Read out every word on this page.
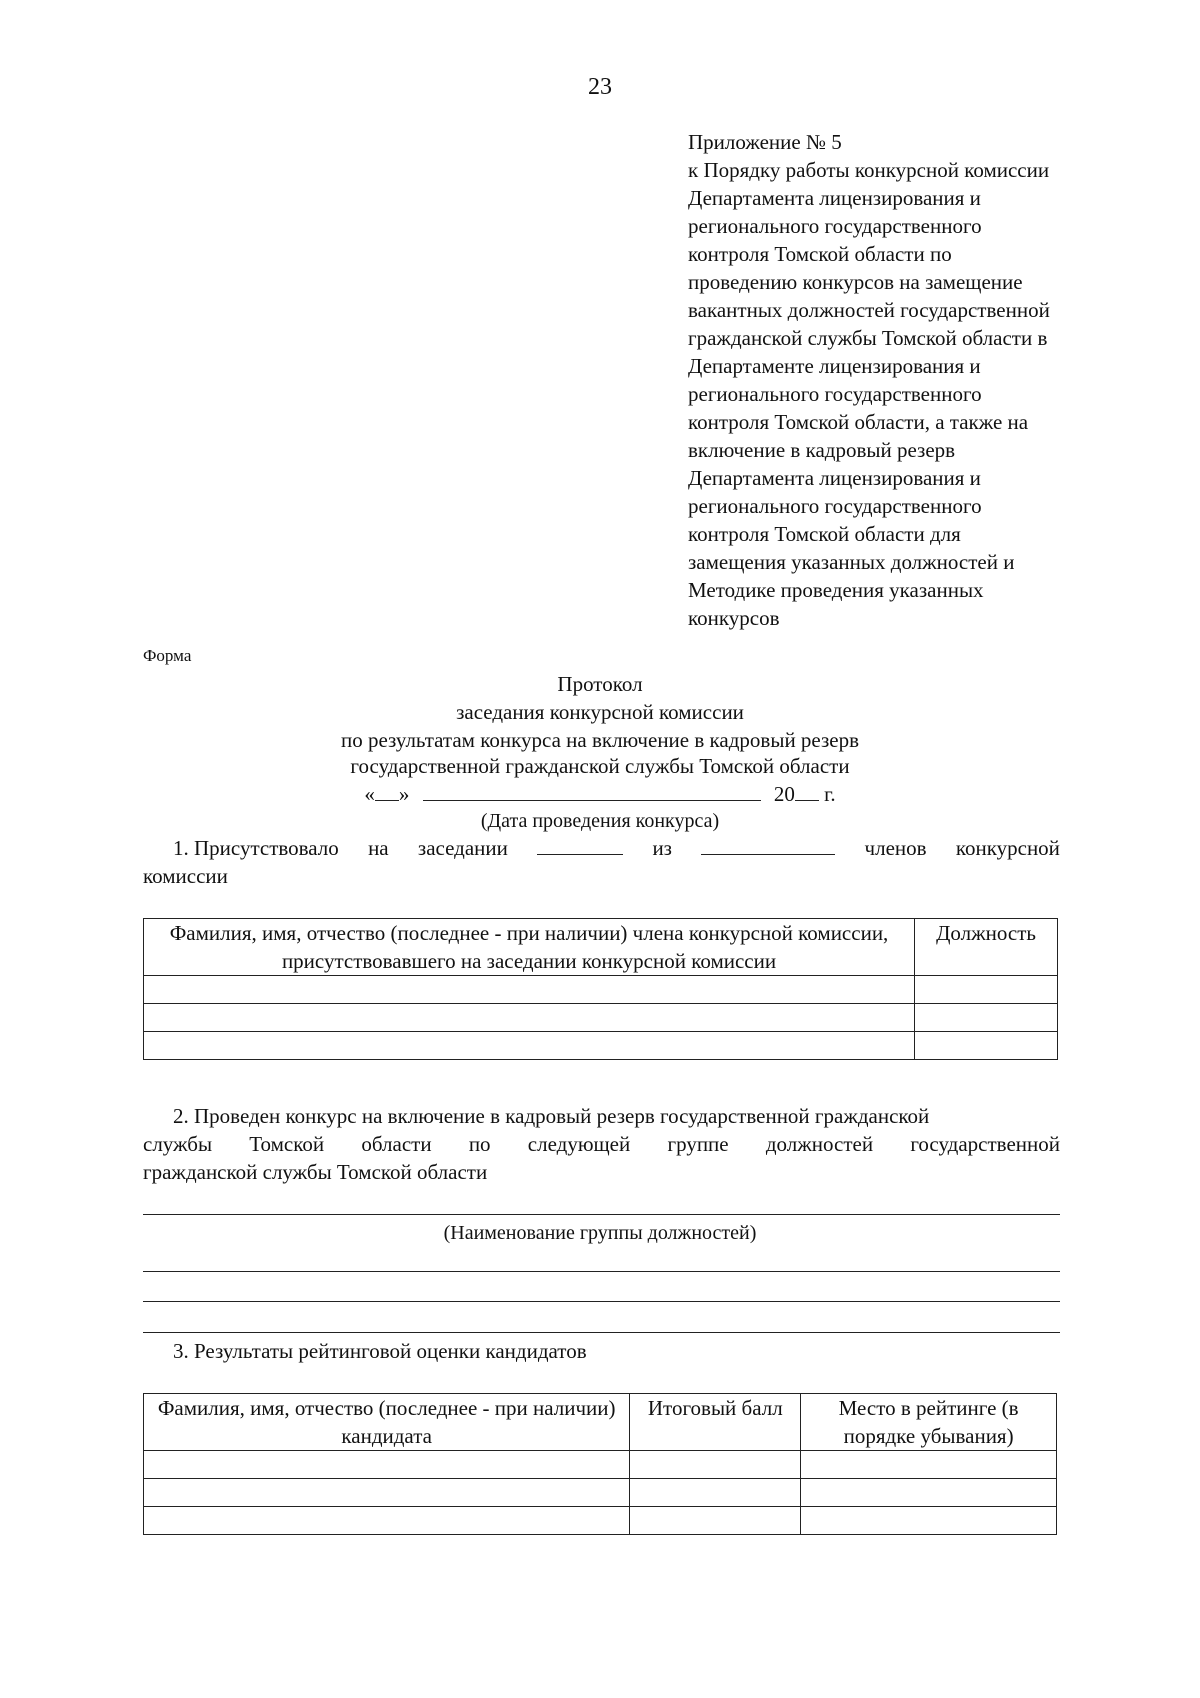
23
Приложение № 5
к Порядку работы конкурсной комиссии
Департамента лицензирования и
регионального государственного
контроля Томской области по
проведению конкурсов на замещение
вакантных должностей государственной
гражданской службы Томской области в
Департаменте лицензирования и
регионального государственного
контроля Томской области, а также на
включение в кадровый резерв
Департамента лицензирования и
регионального государственного
контроля Томской области для
замещения указанных должностей и
Методике проведения указанных
конкурсов
Форма
Протокол
заседания конкурсной комиссии
по результатам конкурса на включение в кадровый резерв
государственной гражданской службы Томской области
« »	20 г.
(Дата проведения конкурса)
1. Присутствовало на заседании	из	членов конкурсной
комиссии
Фамилия, имя, отчество (последнее - при наличии) члена конкурсной комиссии, присутствовавшего на заседании конкурсной комиссии	Должность

2. Проведен конкурс на включение в кадровый резерв государственной гражданской
службы Томской области по следующей группе должностей государственной
гражданской службы Томской области
(Наименование группы должностей)
3. Результаты рейтинговой оценки кандидатов
Фамилия, имя, отчество (последнее - при наличии) кандидата	Итоговый балл	Место в рейтинге (в порядке убывания)
